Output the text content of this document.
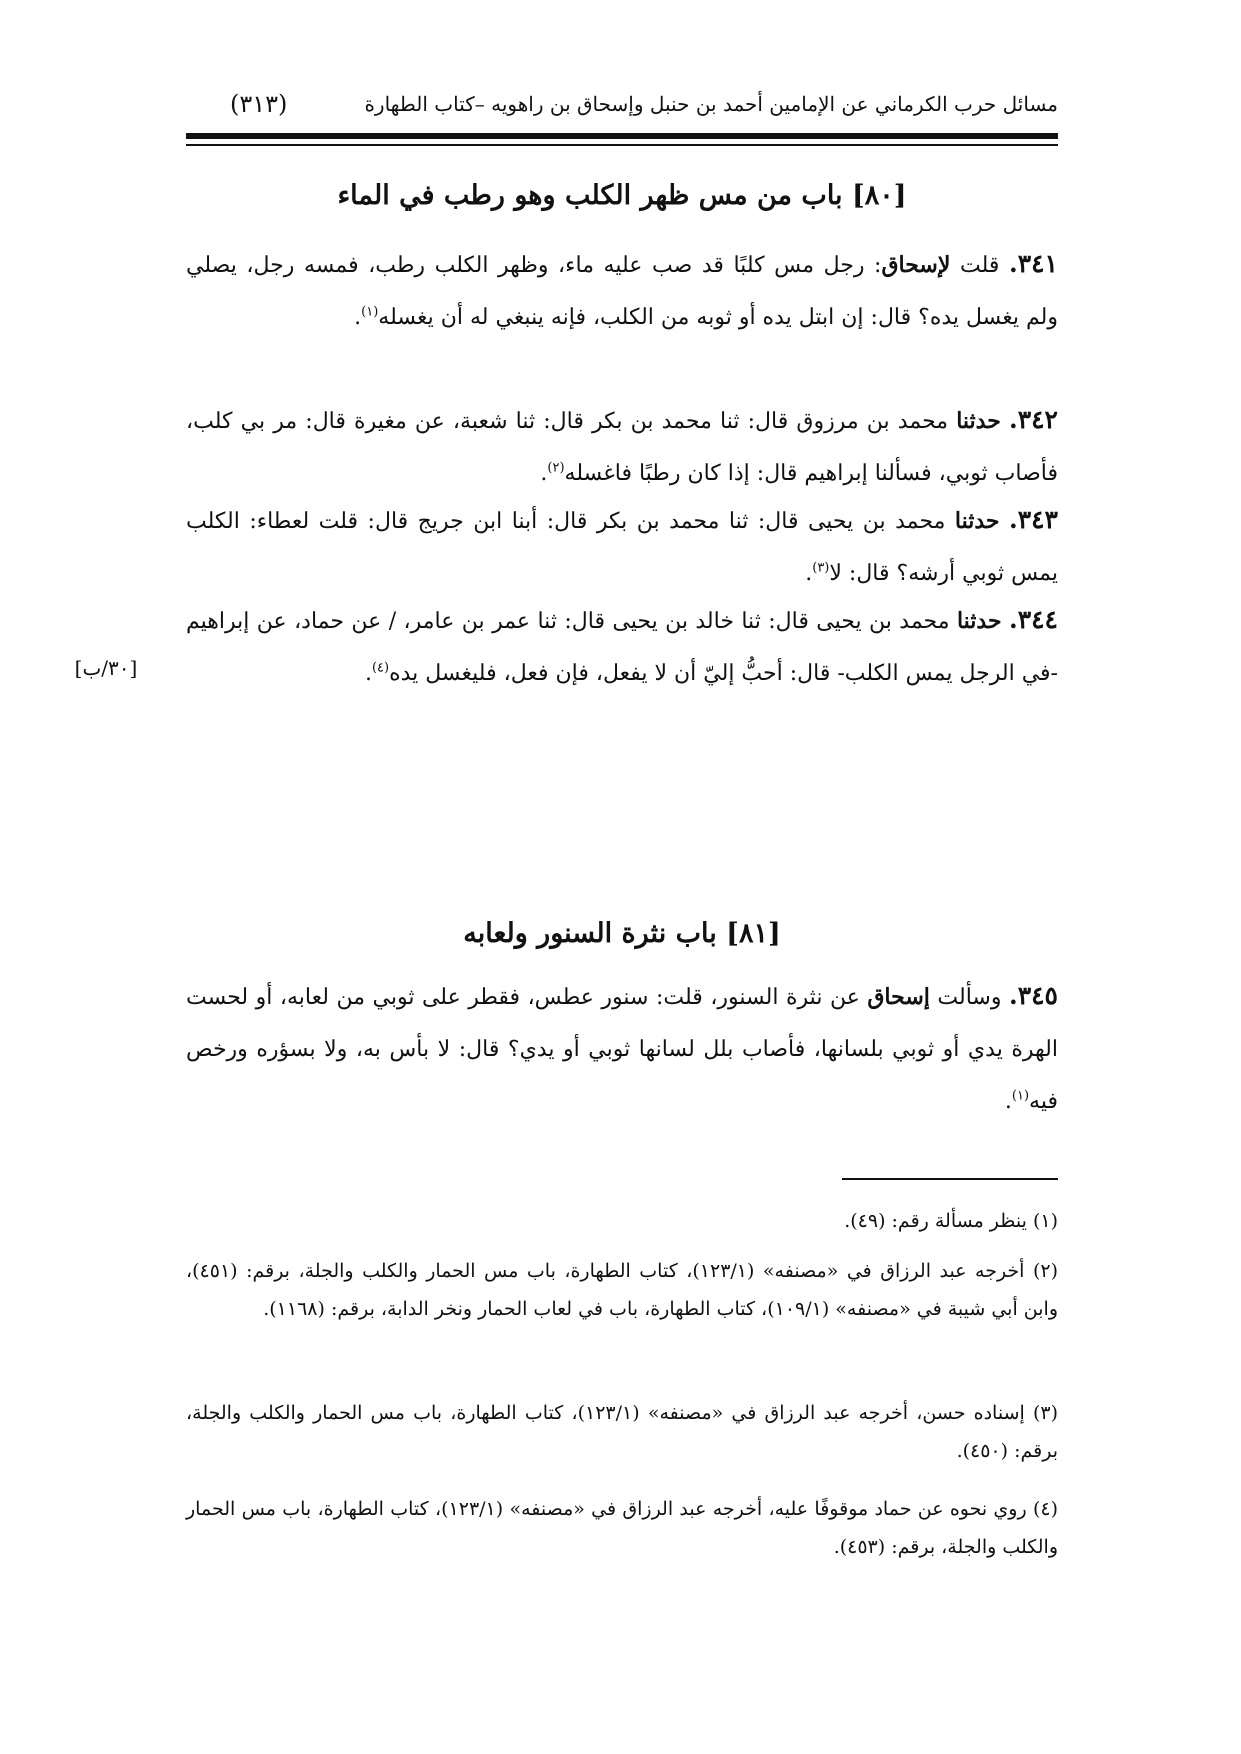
مسائل حرب الكرماني عن الإمامين أحمد بن حنبل وإسحاق بن راهويه –كتاب الطهارة
(٣١٣)
[٨٠] باب من مس ظهر الكلب وهو رطب في الماء
٣٤١. قلت لإسحاق: رجل مس كلبًا قد صب عليه ماء، وظهر الكلب رطب، فمسه رجل، يصلي ولم يغسل يده؟ قال: إن ابتل يده أو ثوبه من الكلب، فإنه ينبغي له أن يغسله$^{(١)}$.
٣٤٢. حدثنا محمد بن مرزوق قال: ثنا محمد بن بكر قال: ثنا شعبة، عن مغيرة قال: مر بي كلب، فأصاب ثوبي، فسألنا إبراهيم قال: إذا كان رطبًا فاغسله$^{(٢)}$.
٣٤٣. حدثنا محمد بن يحيى قال: ثنا محمد بن بكر قال: أبنا ابن جريج قال: قلت لعطاء: الكلب يمس ثوبي أرشه؟ قال: لا$^{(٣)}$.
[٣٠/ب]
٣٤٤. حدثنا محمد بن يحيى قال: ثنا خالد بن يحيى قال: ثنا عمر بن عامر، / عن حماد، عن إبراهيم -في الرجل يمس الكلب- قال: أحبُّ إليّ أن لا يفعل، فإن فعل، فليغسل يده$^{(٤)}$.
[٨١] باب نثرة السنور ولعابه
٣٤٥. وسألت إسحاق عن نثرة السنور، قلت: سنور عطس، فقطر على ثوبي من لعابه، أو لحست الهرة يدي أو ثوبي بلسانها، فأصاب بلل لسانها ثوبي أو يدي؟ قال: لا بأس به، ولا بسؤره ورخص فيه$^{(١)}$.
(١) ينظر مسألة رقم: (٤٩).
(٢) أخرجه عبد الرزاق في «مصنفه» (١٢٣/١)، كتاب الطهارة، باب مس الحمار والكلب والجلة، برقم: (٤٥١)، وابن أبي شيبة في «مصنفه» (١٠٩/١)، كتاب الطهارة، باب في لعاب الحمار ونخر الدابة، برقم: (١١٦٨).
(٣) إسناده حسن، أخرجه عبد الرزاق في «مصنفه» (١٢٣/١)، كتاب الطهارة، باب مس الحمار والكلب والجلة، برقم: (٤٥٠).
(٤) روي نحوه عن حماد موقوفًا عليه، أخرجه عبد الرزاق في «مصنفه» (١٢٣/١)، كتاب الطهارة، باب مس الحمار والكلب والجلة، برقم: (٤٥٣).
